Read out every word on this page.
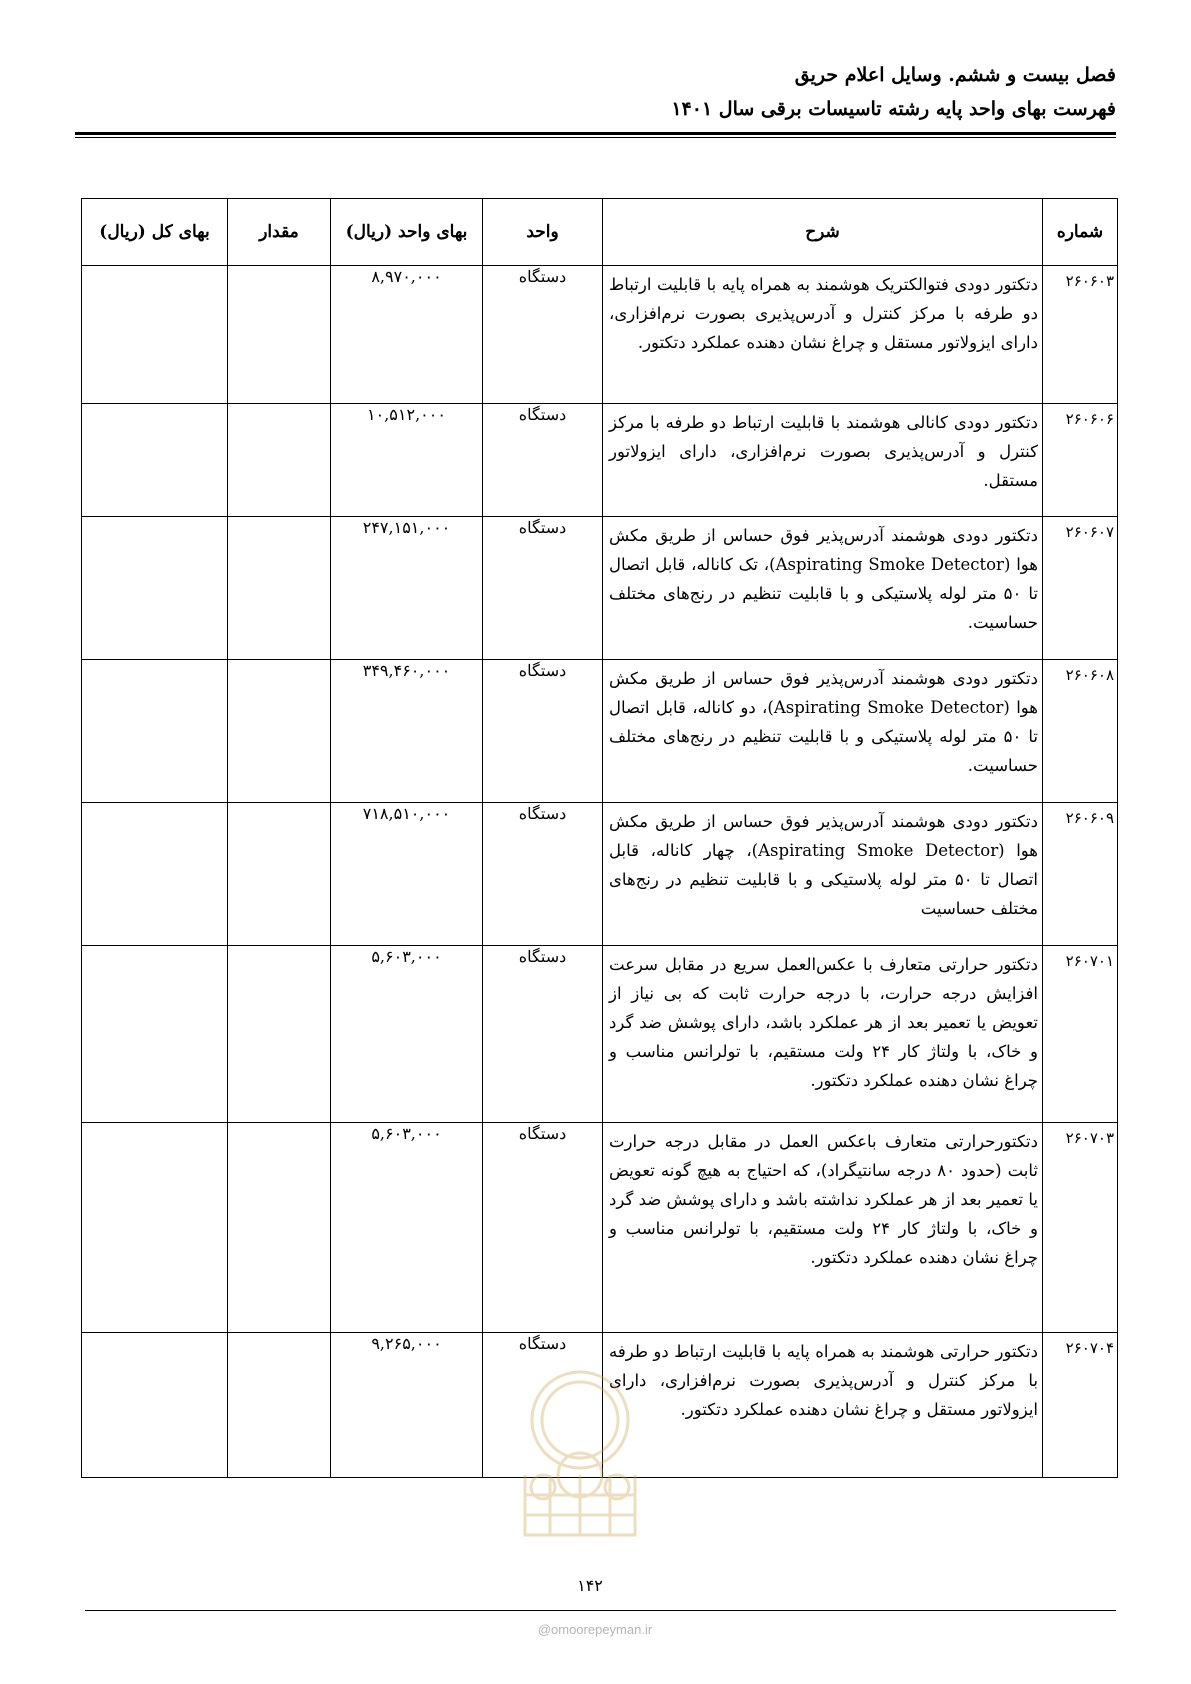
فصل بیست و ششم. وسایل اعلام حریق
فهرست بهای واحد پایه رشته تاسیسات برقی سال ۱۴۰۱
شماره	شرح	واحد	بهای واحد (ریال)	مقدار	بهای کل (ریال)
۲۶۰۶۰۳	دتکتور دودی فتوالکتریک هوشمند به همراه پایه با قابلیت ارتباط دو طرفه با مرکز کنترل و آدرس‌پذیری بصورت نرم‌افزاری، دارای ایزولاتور مستقل و چراغ نشان دهنده عملکرد دتکتور.	دستگاه	۸,۹۷۰,۰۰۰		
۲۶۰۶۰۶	دتکتور دودی کانالی هوشمند با قابلیت ارتباط دو طرفه با مرکز کنترل و آدرس‌پذیری بصورت نرم‌افزاری، دارای ایزولاتور مستقل.	دستگاه	۱۰,۵۱۲,۰۰۰		
۲۶۰۶۰۷	دتکتور دودی هوشمند آدرس‌پذیر فوق حساس از طریق مکش هوا (Aspirating Smoke Detector)، تک کاناله، قابل اتصال تا ۵۰ متر لوله پلاستیکی و با قابلیت تنظیم در رنج‌های مختلف حساسیت.	دستگاه	۲۴۷,۱۵۱,۰۰۰		
۲۶۰۶۰۸	دتکتور دودی هوشمند آدرس‌پذیر فوق حساس از طریق مکش هوا (Aspirating Smoke Detector)، دو کاناله، قابل اتصال تا ۵۰ متر لوله پلاستیکی و با قابلیت تنظیم در رنج‌های مختلف حساسیت.	دستگاه	۳۴۹,۴۶۰,۰۰۰		
۲۶۰۶۰۹	دتکتور دودی هوشمند آدرس‌پذیر فوق حساس از طریق مکش هوا (Aspirating Smoke Detector)، چهار کاناله، قابل اتصال تا ۵۰ متر لوله پلاستیکی و با قابلیت تنظیم در رنج‌های مختلف حساسیت	دستگاه	۷۱۸,۵۱۰,۰۰۰		
۲۶۰۷۰۱	دتکتور حرارتی متعارف با عکس‌العمل سریع در مقابل سرعت افزایش درجه حرارت، با درجه حرارت ثابت که بی نیاز از تعویض یا تعمیر بعد از هر عملکرد باشد، دارای پوشش ضد گرد و خاک، با ولتاژ کار ۲۴ ولت مستقیم، با تولرانس مناسب و چراغ نشان دهنده عملکرد دتکتور.	دستگاه	۵,۶۰۳,۰۰۰		
۲۶۰۷۰۳	دتکتورحرارتی متعارف باعکس العمل در مقابل درجه حرارت ثابت (حدود ۸۰ درجه سانتیگراد)، که احتیاج به هیچ گونه تعویض یا تعمیر بعد از هر عملکرد نداشته باشد و دارای پوشش ضد گرد و خاک، با ولتاژ کار ۲۴ ولت مستقیم، با تولرانس مناسب و چراغ نشان دهنده عملکرد دتکتور.	دستگاه	۵,۶۰۳,۰۰۰		
۲۶۰۷۰۴	دتکتور حرارتی هوشمند به همراه پایه با قابلیت ارتباط دو طرفه با مرکز کنترل و آدرس‌پذیری بصورت نرم‌افزاری، دارای ایزولاتور مستقل و چراغ نشان دهنده عملکرد دتکتور.	دستگاه	۹,۲۶۵,۰۰۰		
۱۴۲
@omoorepeyman.ir
